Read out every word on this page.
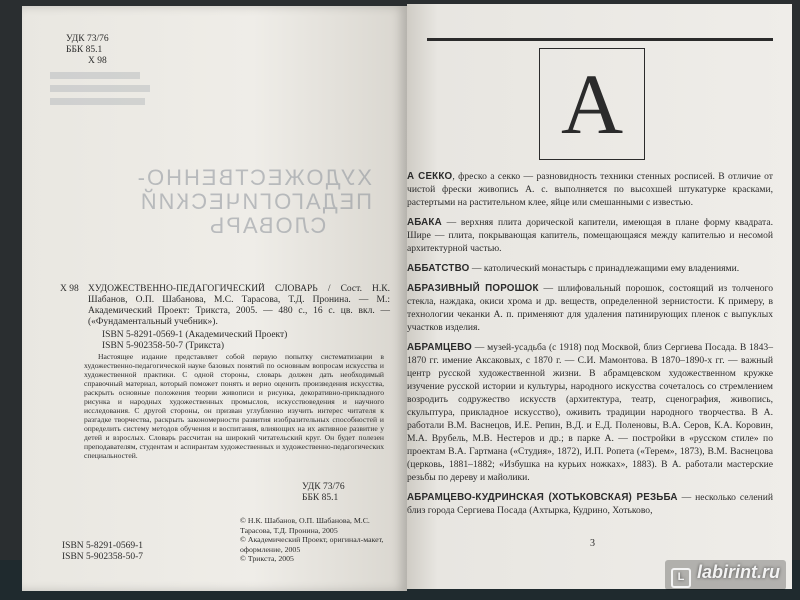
УДК 73/76
ББК 85.1
Х 98
ХУДОЖЕСТВЕННО-
ПЕДАГОГИЧЕСКИЙ
СЛОВАРЬ
Х 98 ХУДОЖЕСТВЕННО-ПЕДАГОГИЧЕСКИЙ СЛОВАРЬ / Сост. Н.К. Шабанов, О.П. Шабанова, М.С. Тарасова, Т.Д. Пронина. — М.: Академический Проект: Трикста, 2005. — 480 с., 16 с. цв. вкл. — («Фундаментальный учебник»).
ISBN 5-8291-0569-1 (Академический Проект)
ISBN 5-902358-50-7 (Трикста)
Настоящее издание представляет собой первую попытку систематизации в художественно-педагогической науке базовых понятий по основным вопросам искусства и художественной практики. С одной стороны, словарь должен дать необходимый справочный материал, который поможет понять и верно оценить произведения искусства, раскрыть основные положения теории живописи и рисунка, декоративно-прикладного рисунка и народных художественных промыслов, искусствоведения и научного исследования. С другой стороны, он призван углубленно изучить интерес читателя к разгадке творчества, раскрыть закономерности развития изобразительных способностей и определить систему методов обучения и воспитания, влияющих на их активное развитие у детей и взрослых. Словарь рассчитан на широкий читательский круг. Он будет полезен преподавателям, студентам и аспирантам художественных и художественно-педагогических специальностей.
УДК 73/76
ББК 85.1
ISBN 5-8291-0569-1
ISBN 5-902358-50-7
© Н.К. Шабанов, О.П. Шабанова, М.С. Тарасова, Т.Д. Пронина, 2005
© Академический Проект, оригинал-макет, оформление, 2005
© Трикста, 2005
А

А СЕККО, фреско а секко — разновидность техники стенных росписей. В отличие от чистой фрески живопись А. с. выполняется по высохшей штукатурке красками, растертыми на растительном клее, яйце или смешанными с известью.

АБАКА — верхняя плита дорической капители, имеющая в плане форму квадрата. Шире — плита, покрывающая капитель, помещающаяся между капителью и несомой архитектурной частью.

АББАТСТВО — католический монастырь с принадлежащими ему владениями.

АБРАЗИВНЫЙ ПОРОШОК — шлифовальный порошок, состоящий из толченого стекла, наждака, окиси хрома и др. веществ, определенной зернистости. К примеру, в технологии чеканки А. п. применяют для удаления патинирующих пленок с выпуклых участков изделия.

АБРАМЦЕВО — музей-усадьба (с 1918) под Москвой, близ Сергиева Посада. В 1843–1870 гг. имение Аксаковых, с 1870 г. — С.И. Мамонтова. В 1870–1890-х гг. — важный центр русской художественной жизни. В абрамцевском художественном кружке изучение русской истории и культуры, народного искусства сочеталось со стремлением возродить содружество искусств (архитектура, театр, сценография, живопись, скульптура, прикладное искусство), оживить традиции народного творчества. В А. работали В.М. Васнецов, И.Е. Репин, В.Д. и Е.Д. Поленовы, В.А. Серов, К.А. Коровин, М.А. Врубель, М.В. Нестеров и др.; в парке А. — постройки в «русском стиле» по проектам В.А. Гартмана («Студия», 1872), И.П. Ропета («Терем», 1873), В.М. Васнецова (церковь, 1881–1882; «Избушка на курьих ножках», 1883). В А. работали мастерские резьбы по дереву и майолики.

АБРАМЦЕВО-КУДРИНСКАЯ (ХОТЬКОВСКАЯ) РЕЗЬБА — несколько селений близ города Сергиева Посада (Ахтырка, Кудрино, Хотьково,

3
L labirint.ru
